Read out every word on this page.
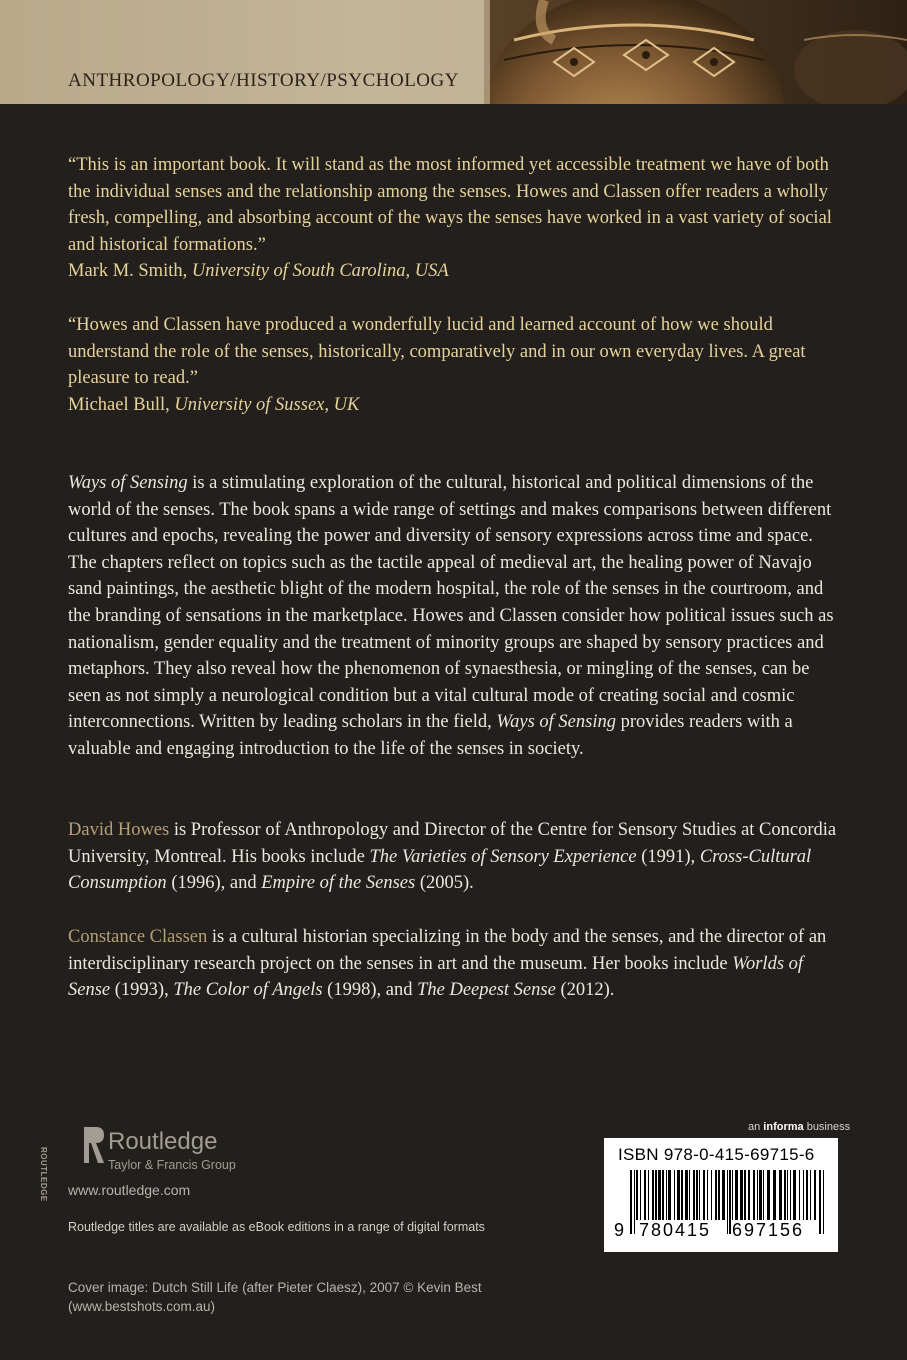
ANTHROPOLOGY/HISTORY/PSYCHOLOGY
“This is an important book. It will stand as the most informed yet accessible treatment we have of both the individual senses and the relationship among the senses. Howes and Classen offer readers a wholly fresh, compelling, and absorbing account of the ways the senses have worked in a vast variety of social and historical formations.”
Mark M. Smith, University of South Carolina, USA
“Howes and Classen have produced a wonderfully lucid and learned account of how we should understand the role of the senses, historically, comparatively and in our own everyday lives. A great pleasure to read.”
Michael Bull, University of Sussex, UK
Ways of Sensing is a stimulating exploration of the cultural, historical and political dimensions of the world of the senses. The book spans a wide range of settings and makes comparisons between different cultures and epochs, revealing the power and diversity of sensory expressions across time and space. The chapters reflect on topics such as the tactile appeal of medieval art, the healing power of Navajo sand paintings, the aesthetic blight of the modern hospital, the role of the senses in the courtroom, and the branding of sensations in the marketplace. Howes and Classen consider how political issues such as nationalism, gender equality and the treatment of minority groups are shaped by sensory practices and metaphors. They also reveal how the phenomenon of synaesthesia, or mingling of the senses, can be seen as not simply a neurological condition but a vital cultural mode of creating social and cosmic interconnections. Written by leading scholars in the field, Ways of Sensing provides readers with a valuable and engaging introduction to the life of the senses in society.
David Howes is Professor of Anthropology and Director of the Centre for Sensory Studies at Concordia University, Montreal. His books include The Varieties of Sensory Experience (1991), Cross-Cultural Consumption (1996), and Empire of the Senses (2005).
Constance Classen is a cultural historian specializing in the body and the senses, and the director of an interdisciplinary research project on the senses in art and the museum. Her books include Worlds of Sense (1993), The Color of Angels (1998), and The Deepest Sense (2012).
ROUTLEDGE
Routledge
Taylor & Francis Group
www.routledge.com
Routledge titles are available as eBook editions in a range of digital formats
an informa business
ISBN 978-0-415-69715-6
9 780415 697156
Cover image: Dutch Still Life (after Pieter Claesz), 2007 © Kevin Best
(www.bestshots.com.au)
